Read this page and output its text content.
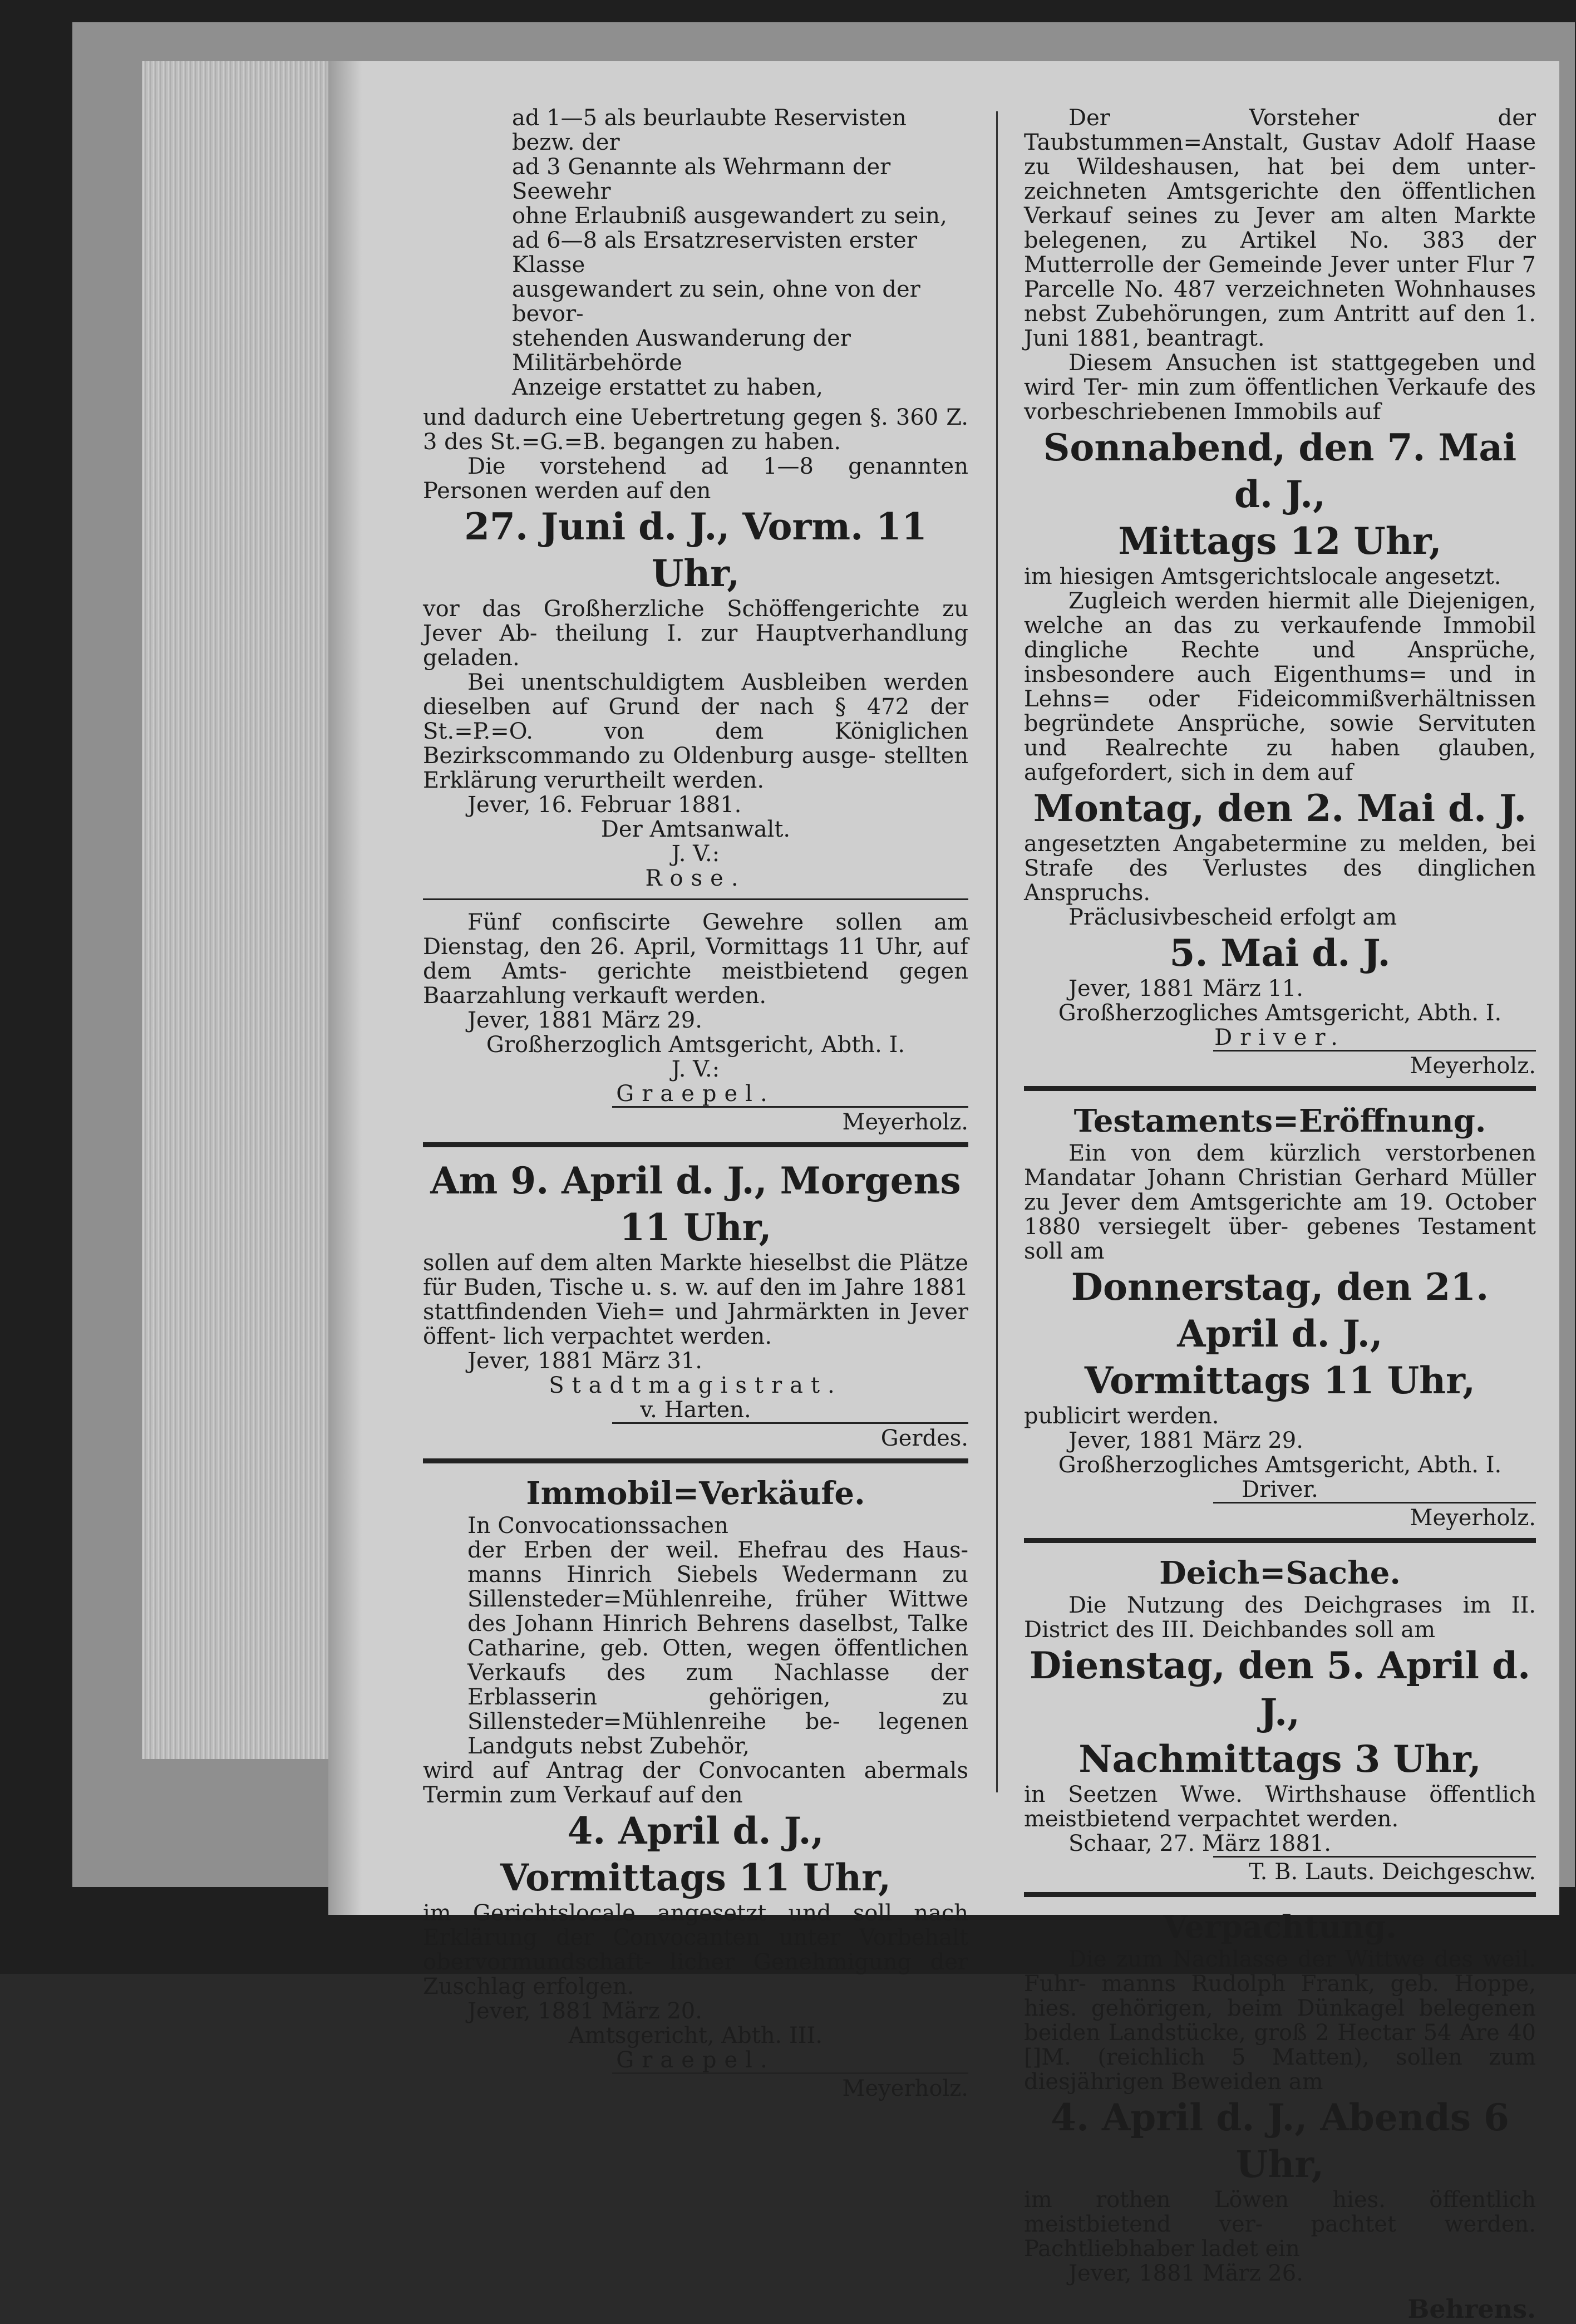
ad 1—5 als beurlaubte Reservisten bezw. der

ad 3 Genannte als Wehrmann der Seewehr

ohne Erlaubniß ausgewandert zu sein,

ad 6—8 als Ersatzreservisten erster Klasse

ausgewandert zu sein, ohne von der bevor-

stehenden Auswanderung der Militärbehörde

Anzeige erstattet zu haben,

und dadurch eine Uebertretung gegen §. 360 Z. 3 des St.=G.=B. begangen zu haben.

Die vorstehend ad 1—8 genannten Personen werden auf den

27. Juni d. J., Vorm. 11 Uhr,

vor das Großherzliche Schöffengerichte zu Jever Ab- theilung I. zur Hauptverhandlung geladen.

Bei unentschuldigtem Ausbleiben werden dieselben auf Grund der nach § 472 der St.=P.=O. von dem Königlichen Bezirkscommando zu Oldenburg ausge- stellten Erklärung verurtheilt werden.

Jever, 16. Februar 1881.

Der Amtsanwalt.

J. V.:

Rose.

Fünf confiscirte Gewehre sollen am Dienstag, den 26. April, Vormittags 11 Uhr, auf dem Amts- gerichte meistbietend gegen Baarzahlung verkauft werden.

Jever, 1881 März 29.

Großherzoglich Amtsgericht, Abth. I.

J. V.:

Graepel.

Meyerholz.

Am 9. April d. J., Morgens 11 Uhr,

sollen auf dem alten Markte hieselbst die Plätze für Buden, Tische u. s. w. auf den im Jahre 1881 stattfindenden Vieh= und Jahrmärkten in Jever öffent- lich verpachtet werden.

Jever, 1881 März 31.

Stadtmagistrat.

v. Harten.

Gerdes.

Immobil=Verkäufe.

In Convocationssachen

der Erben der weil. Ehefrau des Haus- manns Hinrich Siebels Wedermann zu Sillensteder=Mühlenreihe, früher Wittwe des Johann Hinrich Behrens daselbst, Talke Catharine, geb. Otten, wegen öffentlichen Verkaufs des zum Nachlasse der Erblasserin gehörigen, zu Sillensteder=Mühlenreihe be- legenen Landguts nebst Zubehör,

wird auf Antrag der Convocanten abermals Termin zum Verkauf auf den

4. April d. J.,

Vormittags 11 Uhr,

im Gerichtslocale angesetzt und soll nach Erklärung der Convocanten unter Vorbehalt obervormundschaft- licher Genehmigung der Zuschlag erfolgen.

Jever, 1881 März 20.

Amtsgericht, Abth. III.

Graepel.

Meyerholz.

Der Vorsteher der Taubstummen=Anstalt, Gustav Adolf Haase zu Wildeshausen, hat bei dem unter- zeichneten Amtsgerichte den öffentlichen Verkauf seines zu Jever am alten Markte belegenen, zu Artikel No. 383 der Mutterrolle der Gemeinde Jever unter Flur 7 Parcelle No. 487 verzeichneten Wohnhauses nebst Zubehörungen, zum Antritt auf den 1. Juni 1881, beantragt.

Diesem Ansuchen ist stattgegeben und wird Ter- min zum öffentlichen Verkaufe des vorbeschriebenen Immobils auf

Sonnabend, den 7. Mai d. J.,

Mittags 12 Uhr,

im hiesigen Amtsgerichtslocale angesetzt.

Zugleich werden hiermit alle Diejenigen, welche an das zu verkaufende Immobil dingliche Rechte und Ansprüche, insbesondere auch Eigenthums= und in Lehns= oder Fideicommißverhältnissen begründete Ansprüche, sowie Servituten und Realrechte zu haben glauben, aufgefordert, sich in dem auf

Montag, den 2. Mai d. J.

angesetzten Angabetermine zu melden, bei Strafe des Verlustes des dinglichen Anspruchs.

Präclusivbescheid erfolgt am

5. Mai d. J.

Jever, 1881 März 11.

Großherzogliches Amtsgericht, Abth. I.

Driver.

Meyerholz.

Testaments=Eröffnung.

Ein von dem kürzlich verstorbenen Mandatar Johann Christian Gerhard Müller zu Jever dem Amtsgerichte am 19. October 1880 versiegelt über- gebenes Testament soll am

Donnerstag, den 21. April d. J.,

Vormittags 11 Uhr,

publicirt werden.

Jever, 1881 März 29.

Großherzogliches Amtsgericht, Abth. I.

Driver.

Meyerholz.

Deich=Sache.

Die Nutzung des Deichgrases im II. District des III. Deichbandes soll am

Dienstag, den 5. April d. J.,

Nachmittags 3 Uhr,

in Seetzen Wwe. Wirthshause öffentlich meistbietend verpachtet werden.

Schaar, 27. März 1881.

T. B. Lauts. Deichgeschw.

Verpachtung.

Die zum Nachlasse der Wittwe des weil. Fuhr- manns Rudolph Frank, geb. Hoppe, hies. gehörigen, beim Dünkagel belegenen beiden Landstücke, groß 2 Hectar 54 Are 40 []M. (reichlich 5 Matten), sollen zum diesjährigen Beweiden am

4. April d. J., Abends 6 Uhr,

im rothen Löwen hies. öffentlich meistbietend ver- pachtet werden. Pachtliebhaber ladet ein

Jever, 1881 März 26.

Behrens.
